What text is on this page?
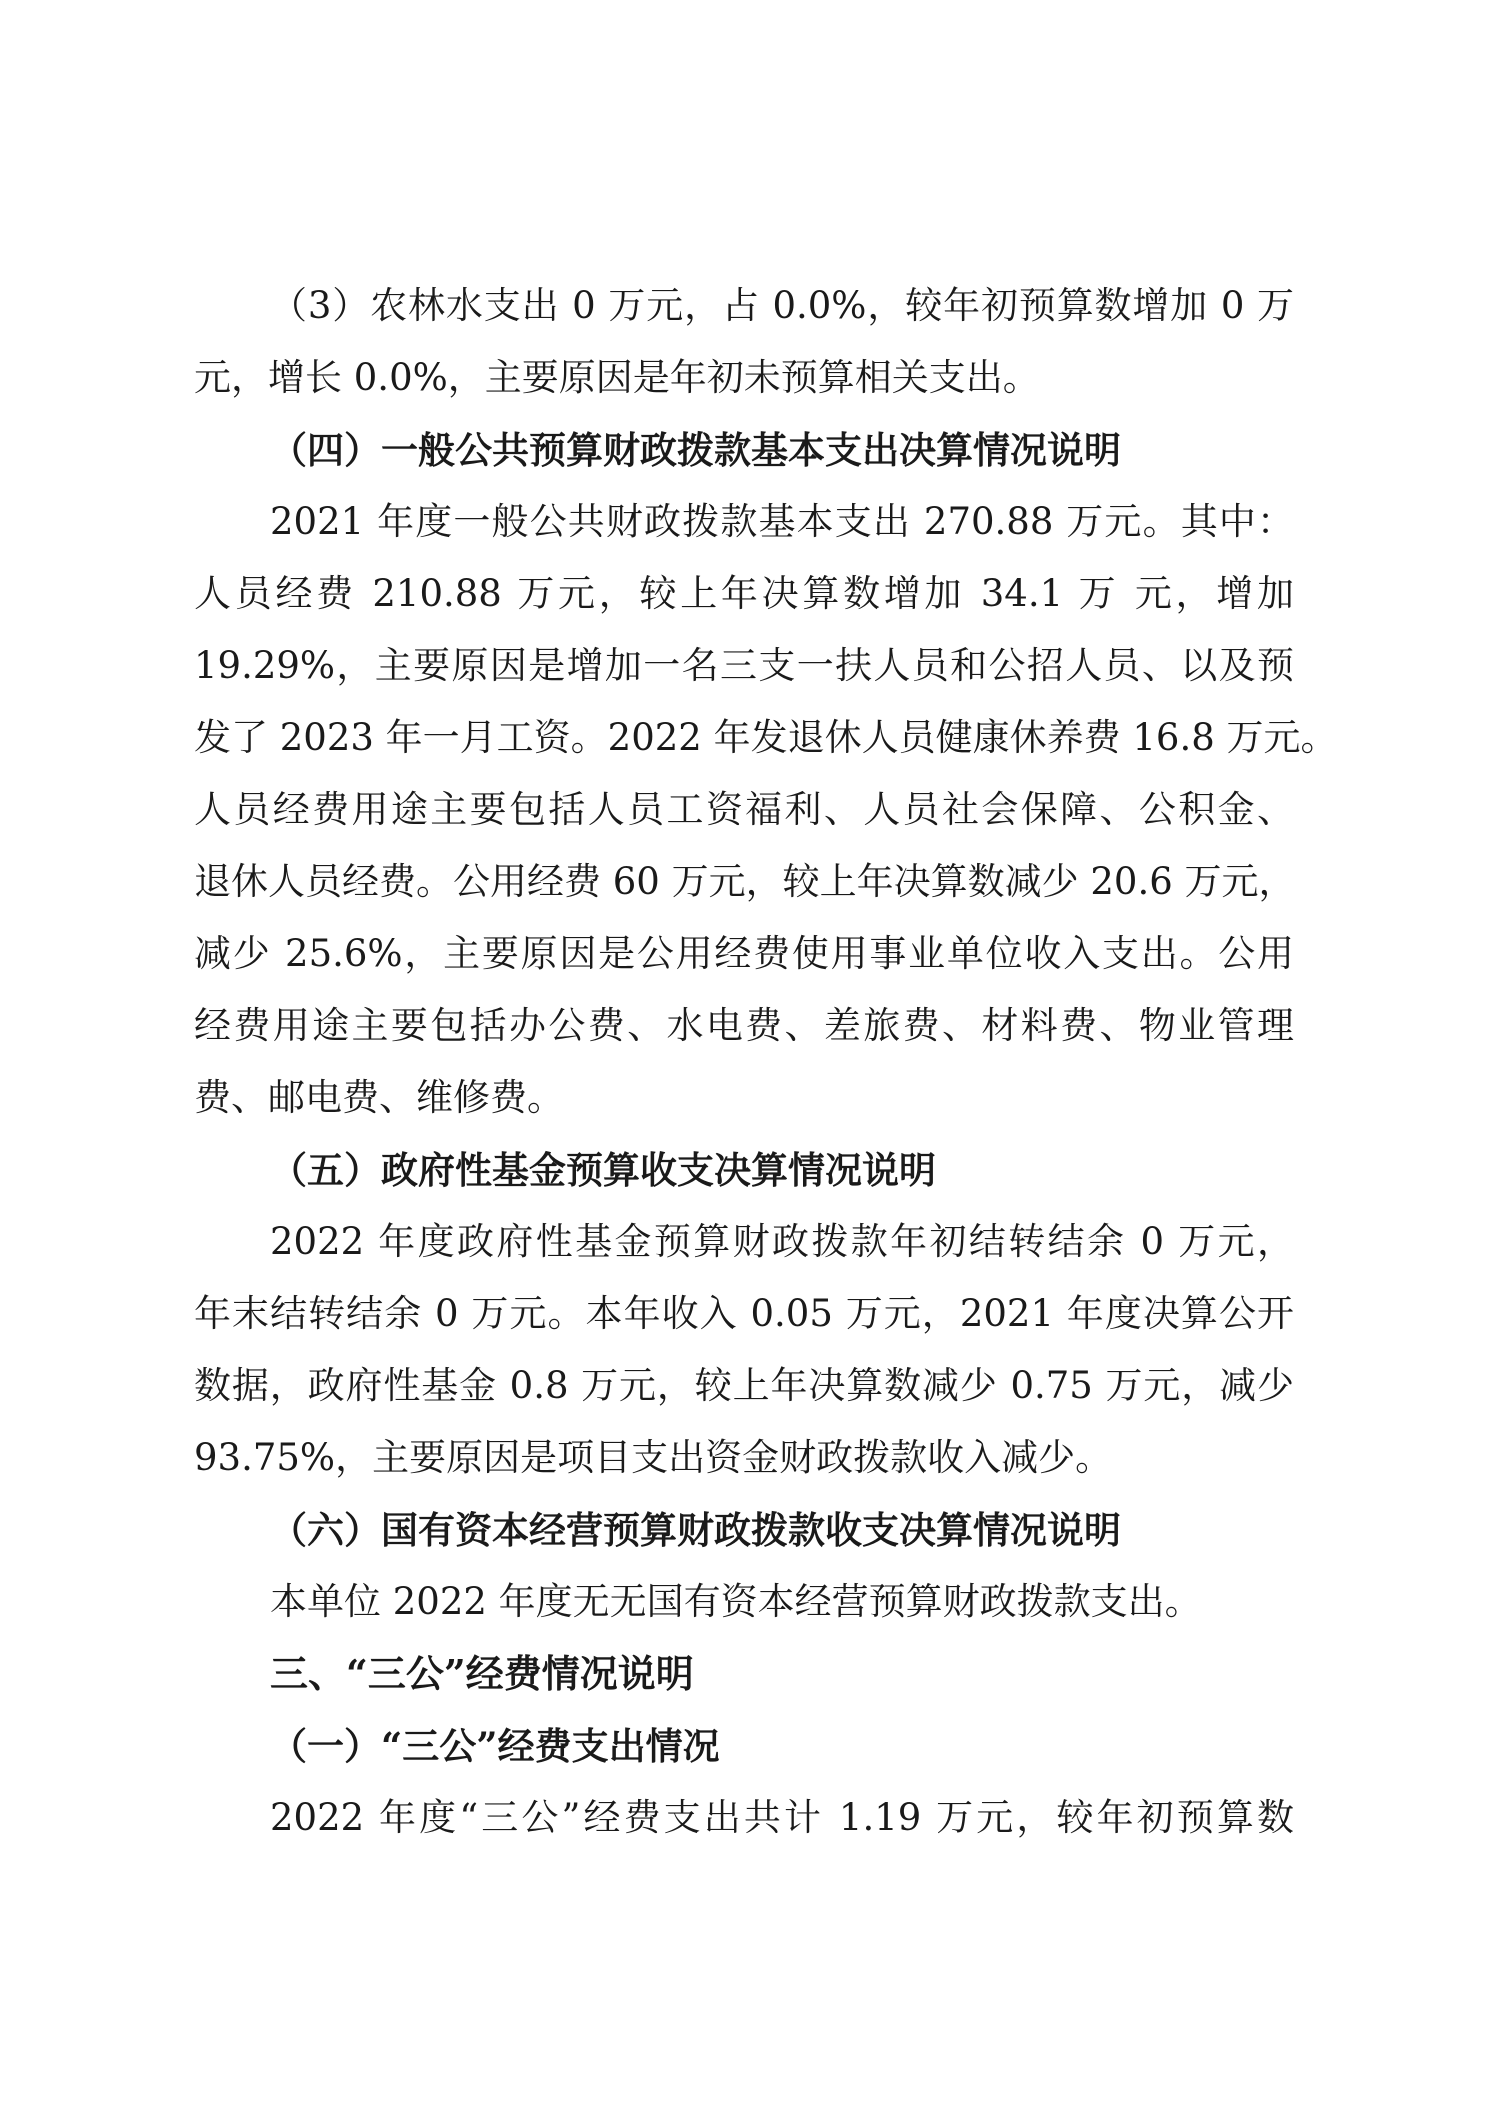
（3）农林水支出 0 万元，占 0.0%，较年初预算数增加 0 万
元，增长 0.0%，主要原因是年初未预算相关支出。
（四）一般公共预算财政拨款基本支出决算情况说明
2021 年度一般公共财政拨款基本支出 270.88 万元。其中：
人员经费 210.88 万元，较上年决算数增加 34.1 万 元，增加
19.29%，主要原因是增加一名三支一扶人员和公招人员、以及预
发了 2023 年一月工资。2022 年发退休人员健康休养费 16.8 万元。
人员经费用途主要包括人员工资福利、人员社会保障、公积金、
退休人员经费。公用经费 60 万元，较上年决算数减少 20.6 万元，
减少 25.6%，主要原因是公用经费使用事业单位收入支出。公用
经费用途主要包括办公费、水电费、差旅费、材料费、物业管理
费、邮电费、维修费。
（五）政府性基金预算收支决算情况说明
2022 年度政府性基金预算财政拨款年初结转结余 0 万元，
年末结转结余 0 万元。本年收入 0.05 万元，2021 年度决算公开
数据，政府性基金 0.8 万元，较上年决算数减少 0.75 万元，减少
93.75%，主要原因是项目支出资金财政拨款收入减少。
（六）国有资本经营预算财政拨款收支决算情况说明
本单位 2022 年度无无国有资本经营预算财政拨款支出。
三、“三公”经费情况说明
（一）“三公”经费支出情况
2022 年度“三公”经费支出共计 1.19 万元，较年初预算数
